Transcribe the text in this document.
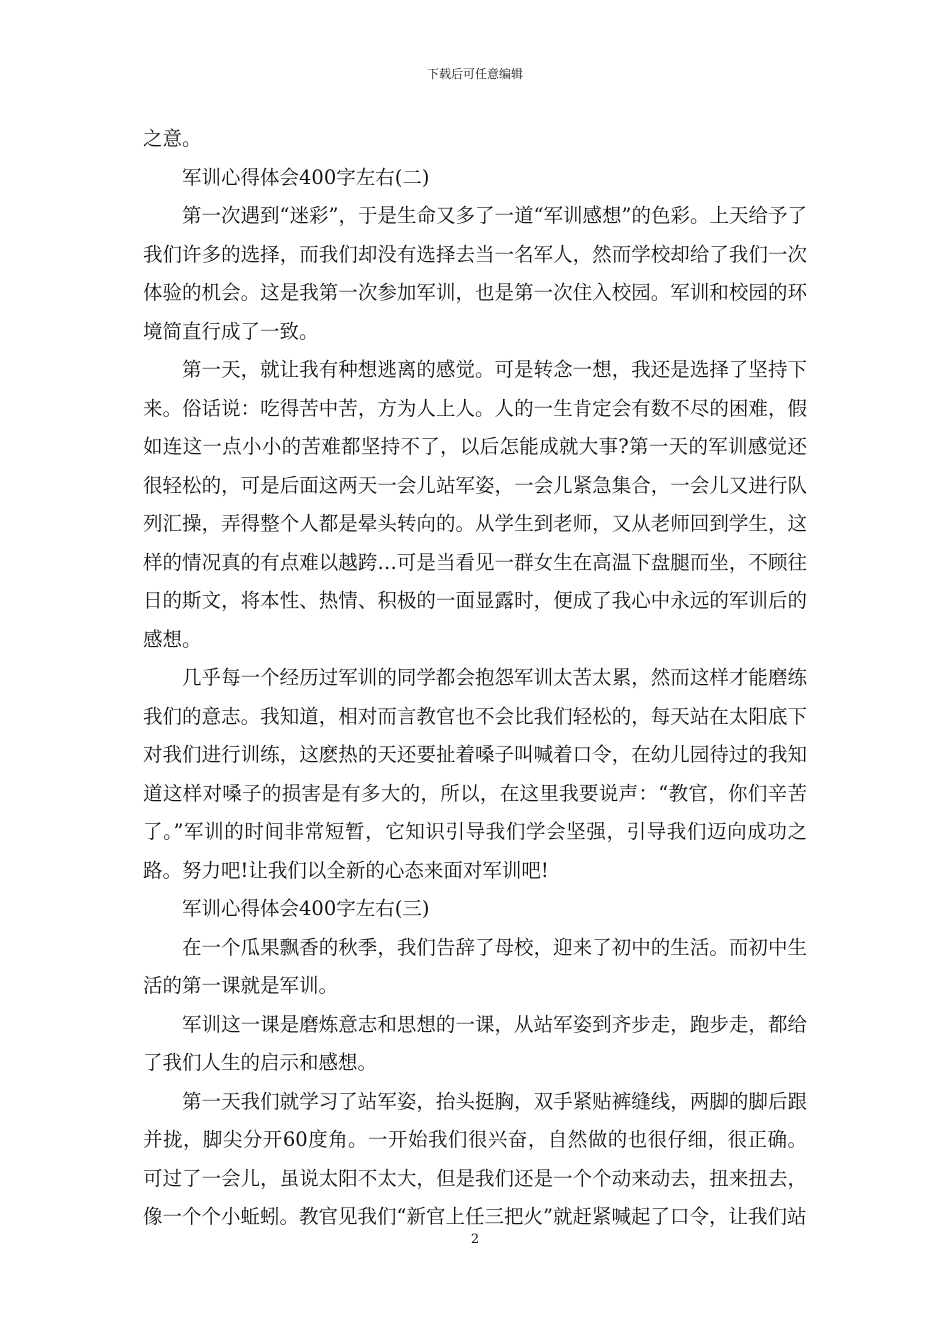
下载后可任意编辑

之意。

军训心得体会400字左右(二)

第一次遇到“迷彩”，于是生命又多了一道“军训感想”的色彩。上天给予了我们许多的选择，而我们却没有选择去当一名军人，然而学校却给了我们一次体验的机会。这是我第一次参加军训，也是第一次住入校园。军训和校园的环境简直行成了一致。

第一天，就让我有种想逃离的感觉。可是转念一想，我还是选择了坚持下来。俗话说：吃得苦中苦，方为人上人。人的一生肯定会有数不尽的困难，假如连这一点小小的苦难都坚持不了，以后怎能成就大事?第一天的军训感觉还很轻松的，可是后面这两天一会儿站军姿，一会儿紧急集合，一会儿又进行队列汇操，弄得整个人都是晕头转向的。从学生到老师，又从老师回到学生，这样的情况真的有点难以越跨…可是当看见一群女生在高温下盘腿而坐，不顾往日的斯文，将本性、热情、积极的一面显露时，便成了我心中永远的军训后的感想。

几乎每一个经历过军训的同学都会抱怨军训太苦太累，然而这样才能磨练我们的意志。我知道，相对而言教官也不会比我们轻松的，每天站在太阳底下对我们进行训练，这麽热的天还要扯着嗓子叫喊着口令，在幼儿园待过的我知道这样对嗓子的损害是有多大的，所以，在这里我要说声：“教官，你们辛苦了。”军训的时间非常短暂，它知识引导我们学会坚强，引导我们迈向成功之路。努力吧!让我们以全新的心态来面对军训吧!

军训心得体会400字左右(三)

在一个瓜果飘香的秋季，我们告辞了母校，迎来了初中的生活。而初中生活的第一课就是军训。

军训这一课是磨炼意志和思想的一课，从站军姿到齐步走，跑步走，都给了我们人生的启示和感想。

第一天我们就学习了站军姿，抬头挺胸，双手紧贴裤缝线，两脚的脚后跟并拢，脚尖分开60度角。一开始我们很兴奋，自然做的也很仔细，很正确。可过了一会儿，虽说太阳不太大，但是我们还是一个个动来动去，扭来扭去，像一个个小蚯蚓。教官见我们“新官上任三把火”就赶紧喊起了口令，让我们站

2
